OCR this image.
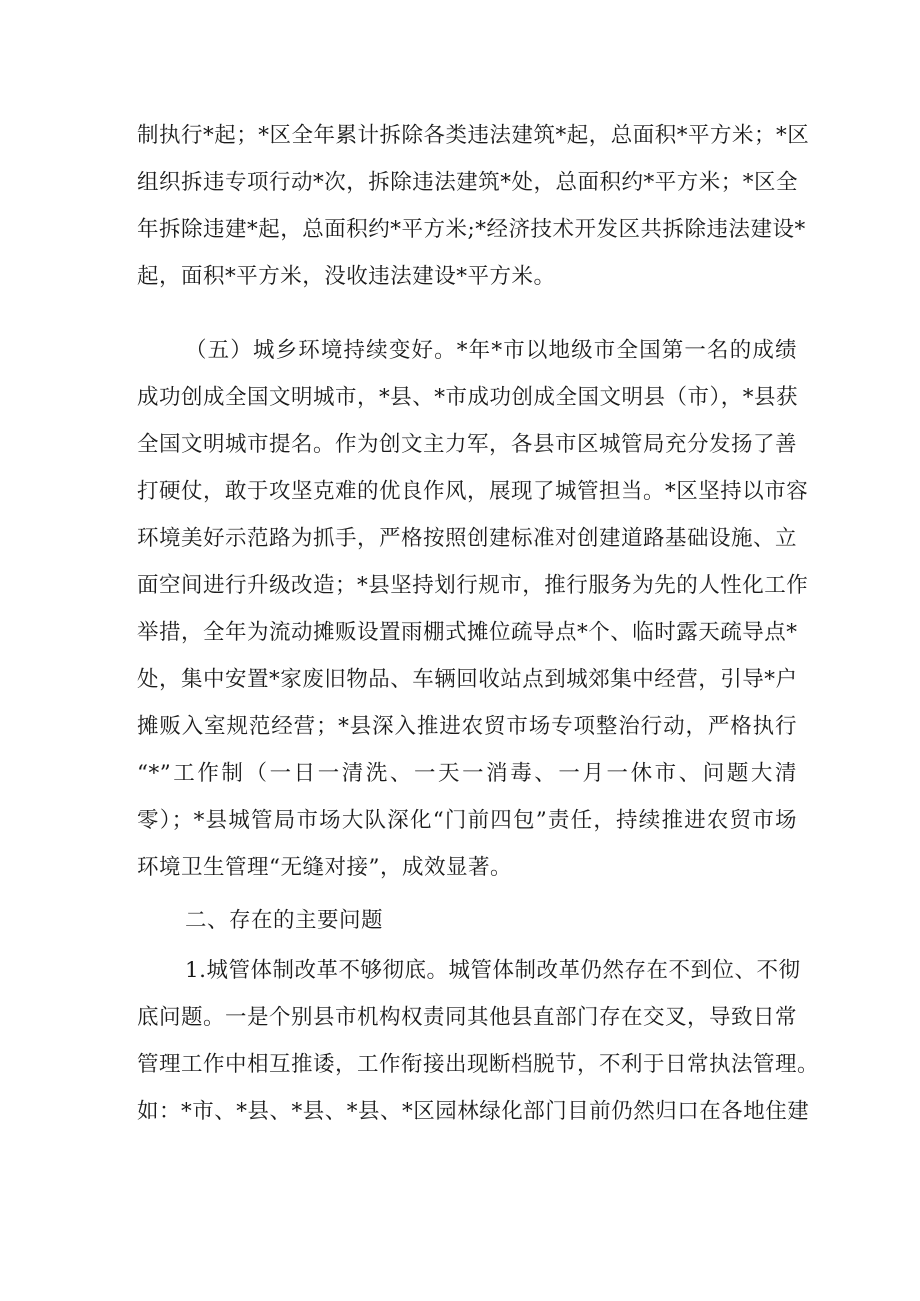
制执行*起；*区全年累计拆除各类违法建筑*起，总面积*平方米；*区
组织拆违专项行动*次，拆除违法建筑*处，总面积约*平方米；*区全
年拆除违建*起，总面积约*平方米;*经济技术开发区共拆除违法建设*
起，面积*平方米，没收违法建设*平方米。
（五）城乡环境持续变好。*年*市以地级市全国第一名的成绩
成功创成全国文明城市，*县、*市成功创成全国文明县（市），*县获
全国文明城市提名。作为创文主力军，各县市区城管局充分发扬了善
打硬仗，敢于攻坚克难的优良作风，展现了城管担当。*区坚持以市容
环境美好示范路为抓手，严格按照创建标准对创建道路基础设施、立
面空间进行升级改造；*县坚持划行规市，推行服务为先的人性化工作
举措，全年为流动摊贩设置雨棚式摊位疏导点*个、临时露天疏导点*
处，集中安置*家废旧物品、车辆回收站点到城郊集中经营，引导*户
摊贩入室规范经营；*县深入推进农贸市场专项整治行动，严格执行
“*”工作制（一日一清洗、一天一消毒、一月一休市、问题大清
零）；*县城管局市场大队深化“门前四包”责任，持续推进农贸市场
环境卫生管理“无缝对接”，成效显著。
二、存在的主要问题
1.城管体制改革不够彻底。城管体制改革仍然存在不到位、不彻
底问题。一是个别县市机构权责同其他县直部门存在交叉，导致日常
管理工作中相互推诿，工作衔接出现断档脱节，不利于日常执法管理。
如：*市、*县、*县、*县、*区园林绿化部门目前仍然归口在各地住建
